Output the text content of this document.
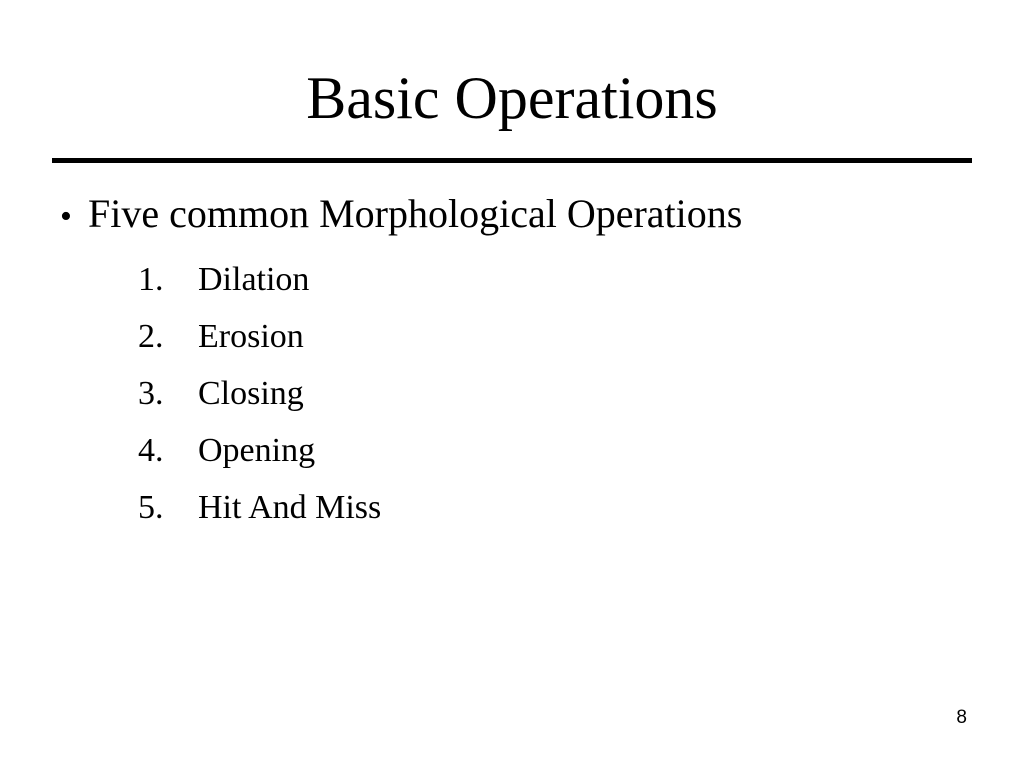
Basic Operations
• Five common Morphological Operations
1. Dilation
2. Erosion
3. Closing
4. Opening
5. Hit And Miss
8
